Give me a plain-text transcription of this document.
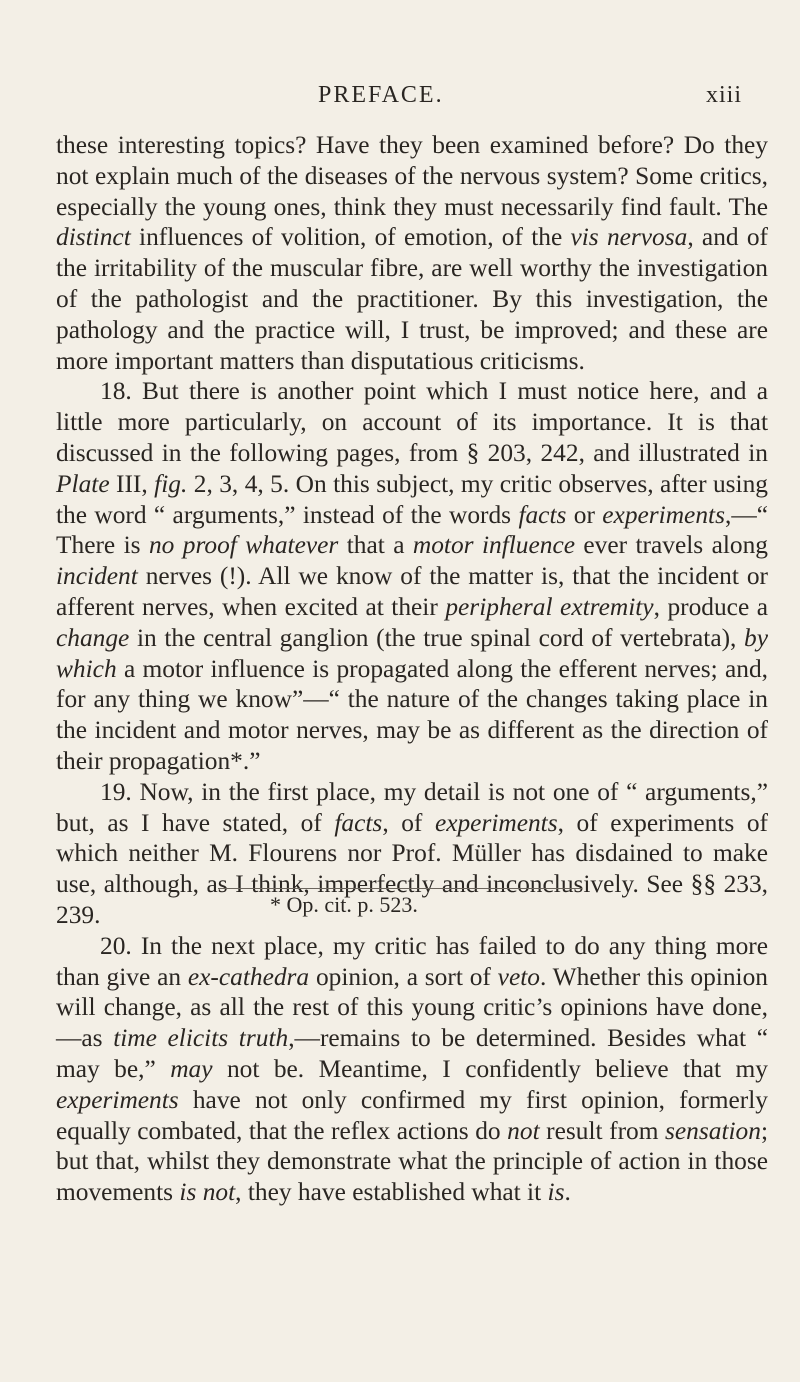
PREFACE.	xiii

these interesting topics? Have they been examined before? Do they not explain much of the diseases of the nervous system? Some critics, especially the young ones, think they must necessarily find fault. The distinct influences of volition, of emotion, of the vis nervosa, and of the irritability of the muscular fibre, are well worthy the investigation of the pathologist and the practitioner. By this investigation, the pathology and the practice will, I trust, be improved; and these are more important matters than disputatious criticisms.

18. But there is another point which I must notice here, and a little more particularly, on account of its importance. It is that discussed in the following pages, from § 203, 242, and illustrated in Plate III, fig. 2, 3, 4, 5. On this subject, my critic observes, after using the word “ arguments,” instead of the words facts or experiments,—“ There is no proof whatever that a motor influence ever travels along incident nerves (!). All we know of the matter is, that the incident or afferent nerves, when excited at their peripheral extremity, produce a change in the central ganglion (the true spinal cord of vertebrata), by which a motor influence is propagated along the efferent nerves; and, for any thing we know”—“ the nature of the changes taking place in the incident and motor nerves, may be as different as the direction of their propagation*.”

19. Now, in the first place, my detail is not one of “ arguments,” but, as I have stated, of facts, of experiments, of experiments of which neither M. Flourens nor Prof. Müller has disdained to make use, although, as I think, imperfectly and inconclusively. See §§ 233, 239.

20. In the next place, my critic has failed to do any thing more than give an ex-cathedra opinion, a sort of veto. Whether this opinion will change, as all the rest of this young critic’s opinions have done,—as time elicits truth,—remains to be determined. Besides what “ may be,” may not be. Meantime, I confidently believe that my experiments have not only confirmed my first opinion, formerly equally combated, that the reflex actions do not result from sensation; but that, whilst they demonstrate what the principle of action in those movements is not, they have established what it is.

* Op. cit. p. 523.
